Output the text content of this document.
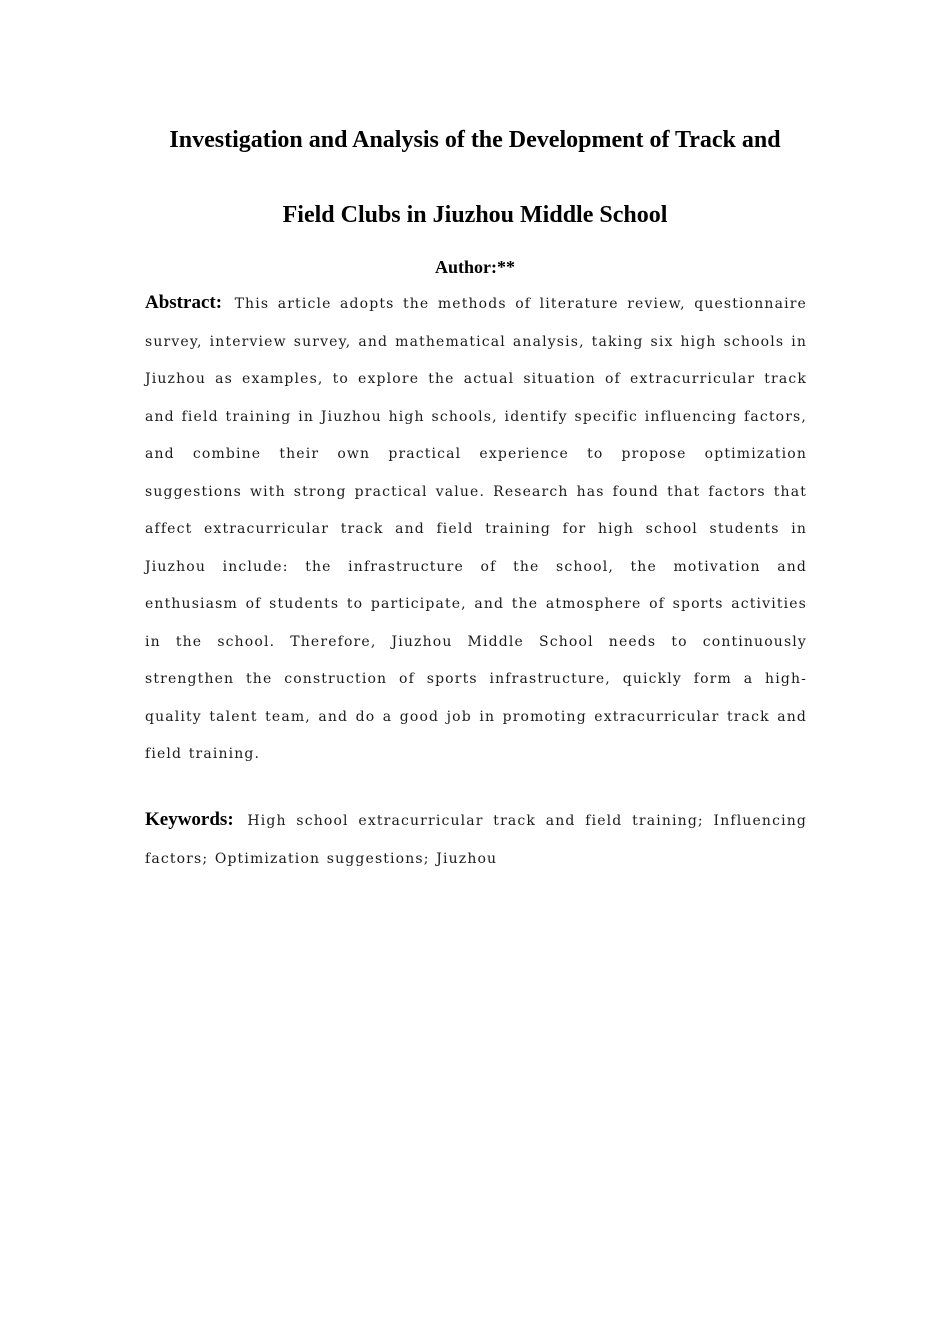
Investigation and Analysis of the Development of Track and
Field Clubs in Jiuzhou Middle School
Author:**

Abstract: This article adopts the methods of literature review, questionnaire survey, interview survey, and mathematical analysis, taking six high schools in Jiuzhou as examples, to explore the actual situation of extracurricular track and field training in Jiuzhou high schools, identify specific influencing factors, and combine their own practical experience to propose optimization suggestions with strong practical value. Research has found that factors that affect extracurricular track and field training for high school students in Jiuzhou include: the infrastructure of the school, the motivation and enthusiasm of students to participate, and the atmosphere of sports activities in the school. Therefore, Jiuzhou Middle School needs to continuously strengthen the construction of sports infrastructure, quickly form a high-quality talent team, and do a good job in promoting extracurricular track and field training.

Keywords: High school extracurricular track and field training; Influencing factors; Optimization suggestions; Jiuzhou
